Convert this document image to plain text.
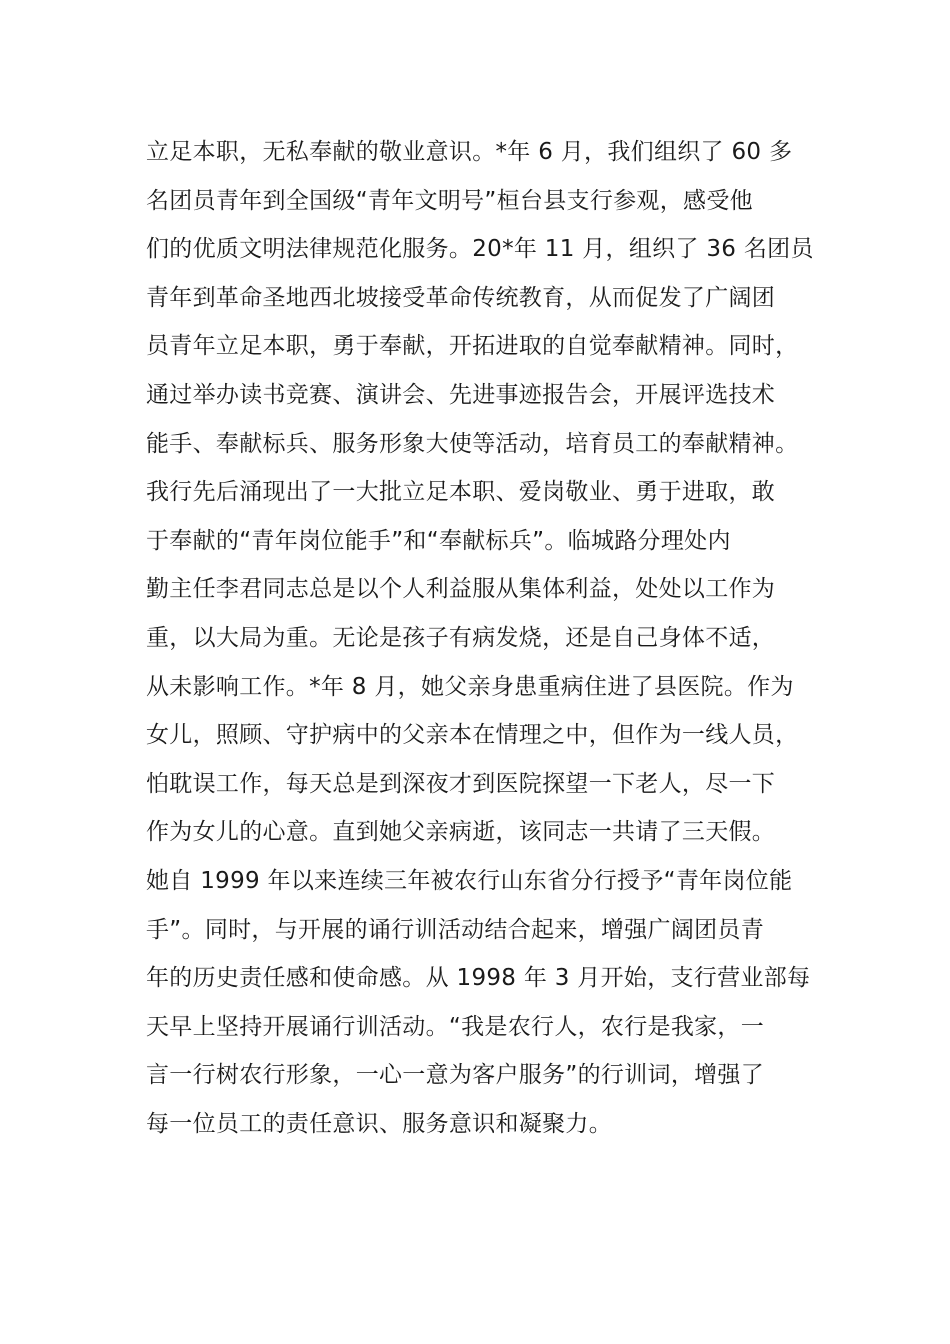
立足本职，无私奉献的敬业意识。*年 6 月，我们组织了 60 多
名团员青年到全国级“青年文明号”桓台县支行参观，感受他
们的优质文明法律规范化服务。20*年 11 月，组织了 36 名团员
青年到革命圣地西北坡接受革命传统教育，从而促发了广阔团
员青年立足本职，勇于奉献，开拓进取的自觉奉献精神。同时，
通过举办读书竞赛、演讲会、先进事迹报告会，开展评选技术
能手、奉献标兵、服务形象大使等活动，培育员工的奉献精神。
我行先后涌现出了一大批立足本职、爱岗敬业、勇于进取，敢
于奉献的“青年岗位能手”和“奉献标兵”。临城路分理处内
勤主任李君同志总是以个人利益服从集体利益，处处以工作为
重，以大局为重。无论是孩子有病发烧，还是自己身体不适，
从未影响工作。*年 8 月，她父亲身患重病住进了县医院。作为
女儿，照顾、守护病中的父亲本在情理之中，但作为一线人员，
怕耽误工作，每天总是到深夜才到医院探望一下老人，尽一下
作为女儿的心意。直到她父亲病逝，该同志一共请了三天假。
她自 1999 年以来连续三年被农行山东省分行授予“青年岗位能
手”。同时，与开展的诵行训活动结合起来，增强广阔团员青
年的历史责任感和使命感。从 1998 年 3 月开始，支行营业部每
天早上坚持开展诵行训活动。“我是农行人，农行是我家，一
言一行树农行形象，一心一意为客户服务”的行训词，增强了
每一位员工的责任意识、服务意识和凝聚力。
